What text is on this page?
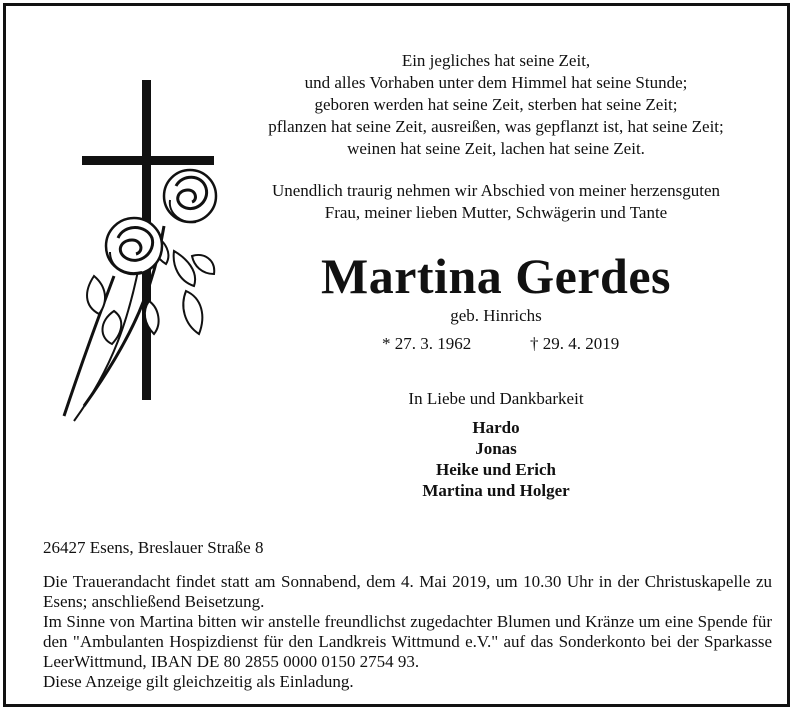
Ein jegliches hat seine Zeit,
und alles Vorhaben unter dem Himmel hat seine Stunde;
geboren werden hat seine Zeit, sterben hat seine Zeit;
pflanzen hat seine Zeit, ausreißen, was gepflanzt ist, hat seine Zeit;
weinen hat seine Zeit, lachen hat seine Zeit.
Unendlich traurig nehmen wir Abschied von meiner herzensguten
Frau, meiner lieben Mutter, Schwägerin und Tante
Martina Gerdes
geb. Hinrichs
* 27. 3. 1962	† 29. 4. 2019
In Liebe und Dankbarkeit
Hardo
Jonas
Heike und Erich
Martina und Holger
26427 Esens, Breslauer Straße 8

Die Trauerandacht findet statt am Sonnabend, dem 4. Mai 2019, um 10.30 Uhr in der Christuskapelle zu Esens; anschließend Beisetzung.

Im Sinne von Martina bitten wir anstelle freundlichst zugedachter Blumen und Kränze um eine Spende für den "Ambulanten Hospizdienst für den Landkreis Wittmund e.V." auf das Sonderkonto bei der Sparkasse LeerWittmund, IBAN DE 80 2855 0000 0150 2754 93.

Diese Anzeige gilt gleichzeitig als Einladung.
